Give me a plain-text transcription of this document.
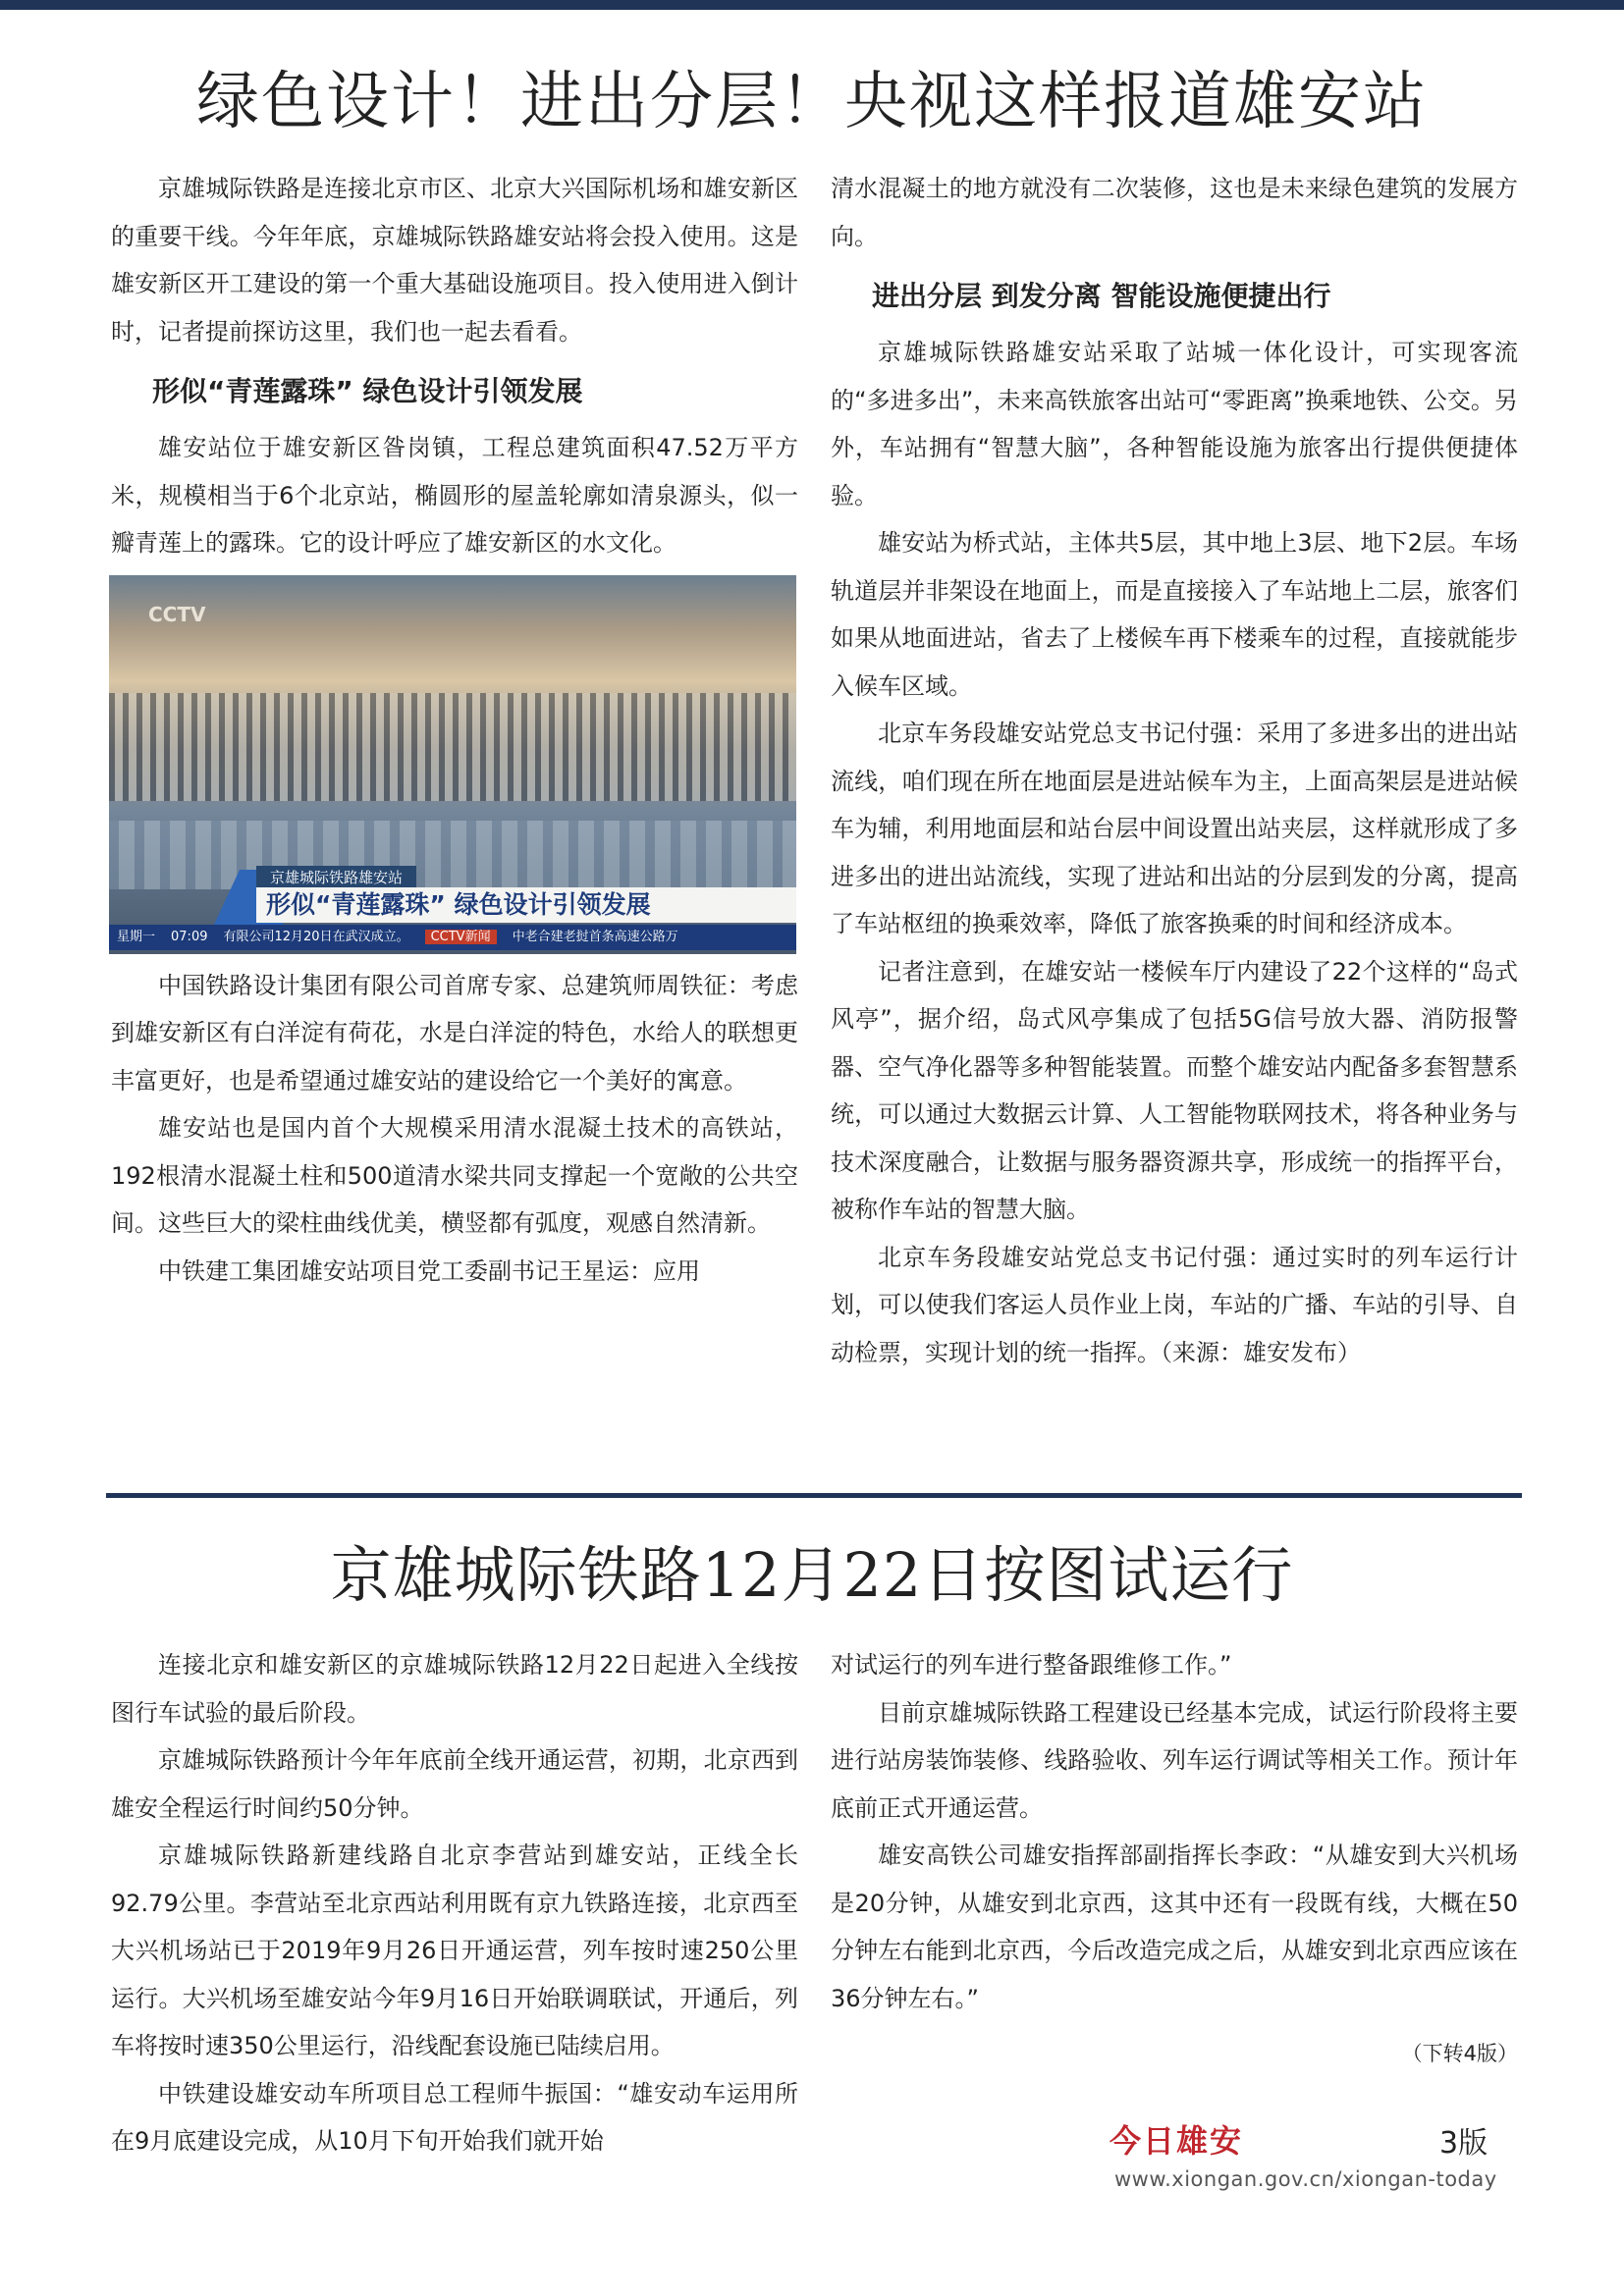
绿色设计！进出分层！央视这样报道雄安站

京雄城际铁路是连接北京市区、北京大兴国际机场和雄安新区的重要干线。今年年底，京雄城际铁路雄安站将会投入使用。这是雄安新区开工建设的第一个重大基础设施项目。投入使用进入倒计时，记者提前探访这里，我们也一起去看看。

形似“青莲露珠” 绿色设计引领发展

雄安站位于雄安新区昝岗镇，工程总建筑面积47.52万平方米，规模相当于6个北京站，椭圆形的屋盖轮廓如清泉源头，似一瓣青莲上的露珠。它的设计呼应了雄安新区的水文化。

CCTV
京雄城际铁路雄安站
形似“青莲露珠” 绿色设计引领发展
星期一 07:09 有限公司12月20日在武汉成立。 CCTV新闻 中老合建老挝首条高速公路万

中国铁路设计集团有限公司首席专家、总建筑师周铁征：考虑到雄安新区有白洋淀有荷花，水是白洋淀的特色，水给人的联想更丰富更好，也是希望通过雄安站的建设给它一个美好的寓意。

雄安站也是国内首个大规模采用清水混凝土技术的高铁站，192根清水混凝土柱和500道清水梁共同支撑起一个宽敞的公共空间。这些巨大的梁柱曲线优美，横竖都有弧度，观感自然清新。

中铁建工集团雄安站项目党工委副书记王星运：应用

清水混凝土的地方就没有二次装修，这也是未来绿色建筑的发展方向。

进出分层 到发分离 智能设施便捷出行

京雄城际铁路雄安站采取了站城一体化设计，可实现客流的“多进多出”，未来高铁旅客出站可“零距离”换乘地铁、公交。另外，车站拥有“智慧大脑”，各种智能设施为旅客出行提供便捷体验。

雄安站为桥式站，主体共5层，其中地上3层、地下2层。车场轨道层并非架设在地面上，而是直接接入了车站地上二层，旅客们如果从地面进站，省去了上楼候车再下楼乘车的过程，直接就能步入候车区域。

北京车务段雄安站党总支书记付强：采用了多进多出的进出站流线，咱们现在所在地面层是进站候车为主，上面高架层是进站候车为辅，利用地面层和站台层中间设置出站夹层，这样就形成了多进多出的进出站流线，实现了进站和出站的分层到发的分离，提高了车站枢纽的换乘效率，降低了旅客换乘的时间和经济成本。

记者注意到，在雄安站一楼候车厅内建设了22个这样的“岛式风亭”，据介绍，岛式风亭集成了包括5G信号放大器、消防报警器、空气净化器等多种智能装置。而整个雄安站内配备多套智慧系统，可以通过大数据云计算、人工智能物联网技术，将各种业务与技术深度融合，让数据与服务器资源共享，形成统一的指挥平台，被称作车站的智慧大脑。

北京车务段雄安站党总支书记付强：通过实时的列车运行计划，可以使我们客运人员作业上岗，车站的广播、车站的引导、自动检票，实现计划的统一指挥。（来源：雄安发布）

京雄城际铁路12月22日按图试运行

连接北京和雄安新区的京雄城际铁路12月22日起进入全线按图行车试验的最后阶段。

京雄城际铁路预计今年年底前全线开通运营，初期，北京西到雄安全程运行时间约50分钟。

京雄城际铁路新建线路自北京李营站到雄安站，正线全长92.79公里。李营站至北京西站利用既有京九铁路连接，北京西至大兴机场站已于2019年9月26日开通运营，列车按时速250公里运行。大兴机场至雄安站今年9月16日开始联调联试，开通后，列车将按时速350公里运行，沿线配套设施已陆续启用。

中铁建设雄安动车所项目总工程师牛振国：“雄安动车运用所在9月底建设完成，从10月下旬开始我们就开始

对试运行的列车进行整备跟维修工作。”

目前京雄城际铁路工程建设已经基本完成，试运行阶段将主要进行站房装饰装修、线路验收、列车运行调试等相关工作。预计年底前正式开通运营。

雄安高铁公司雄安指挥部副指挥长李政：“从雄安到大兴机场是20分钟，从雄安到北京西，这其中还有一段既有线，大概在50分钟左右能到北京西，今后改造完成之后，从雄安到北京西应该在36分钟左右。”

（下转4版）
今日雄安	3版
www.xiongan.gov.cn/xiongan-today
